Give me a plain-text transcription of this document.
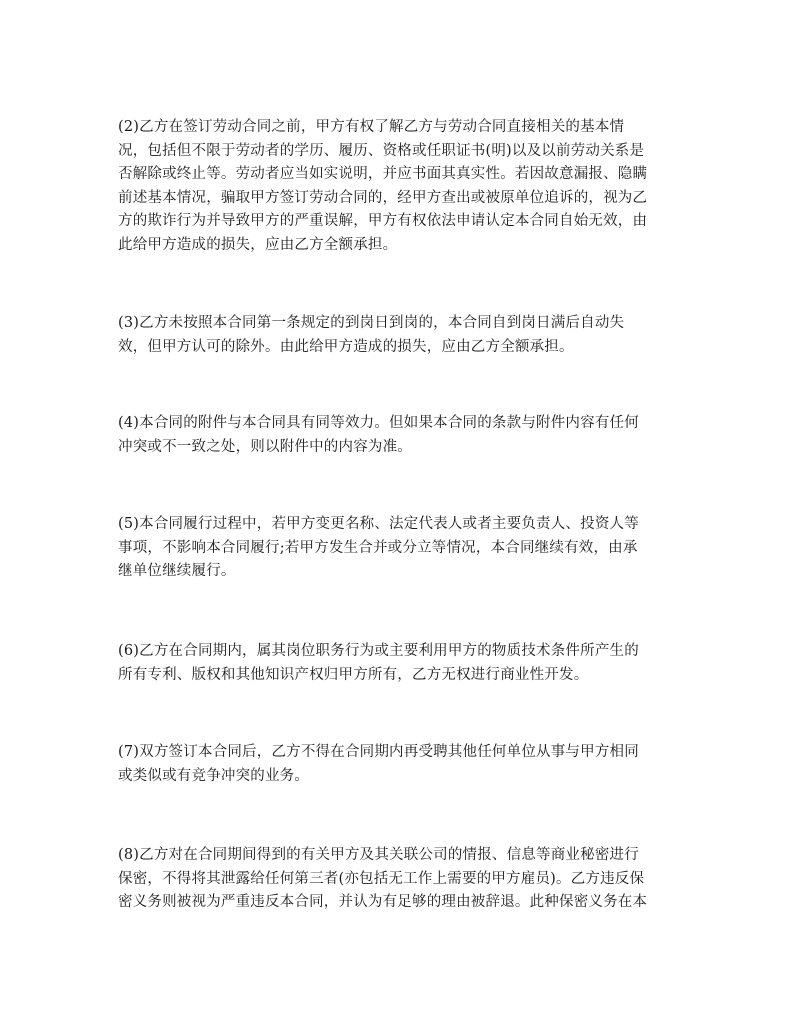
(2)乙方在签订劳动合同之前，甲方有权了解乙方与劳动合同直接相关的基本情
况，包括但不限于劳动者的学历、履历、资格或任职证书(明)以及以前劳动关系是
否解除或终止等。劳动者应当如实说明，并应书面其真实性。若因故意漏报、隐瞒
前述基本情况，骗取甲方签订劳动合同的，经甲方查出或被原单位追诉的，视为乙
方的欺诈行为并导致甲方的严重误解，甲方有权依法申请认定本合同自始无效，由
此给甲方造成的损失，应由乙方全额承担。
(3)乙方未按照本合同第一条规定的到岗日到岗的，本合同自到岗日满后自动失
效，但甲方认可的除外。由此给甲方造成的损失，应由乙方全额承担。
(4)本合同的附件与本合同具有同等效力。但如果本合同的条款与附件内容有任何
冲突或不一致之处，则以附件中的内容为准。
(5)本合同履行过程中，若甲方变更名称、法定代表人或者主要负责人、投资人等
事项，不影响本合同履行;若甲方发生合并或分立等情况，本合同继续有效，由承
继单位继续履行。
(6)乙方在合同期内，属其岗位职务行为或主要利用甲方的物质技术条件所产生的
所有专利、版权和其他知识产权归甲方所有，乙方无权进行商业性开发。
(7)双方签订本合同后，乙方不得在合同期内再受聘其他任何单位从事与甲方相同
或类似或有竞争冲突的业务。
(8)乙方对在合同期间得到的有关甲方及其关联公司的情报、信息等商业秘密进行
保密，不得将其泄露给任何第三者(亦包括无工作上需要的甲方雇员)。乙方违反保
密义务则被视为严重违反本合同，并认为有足够的理由被辞退。此种保密义务在本
